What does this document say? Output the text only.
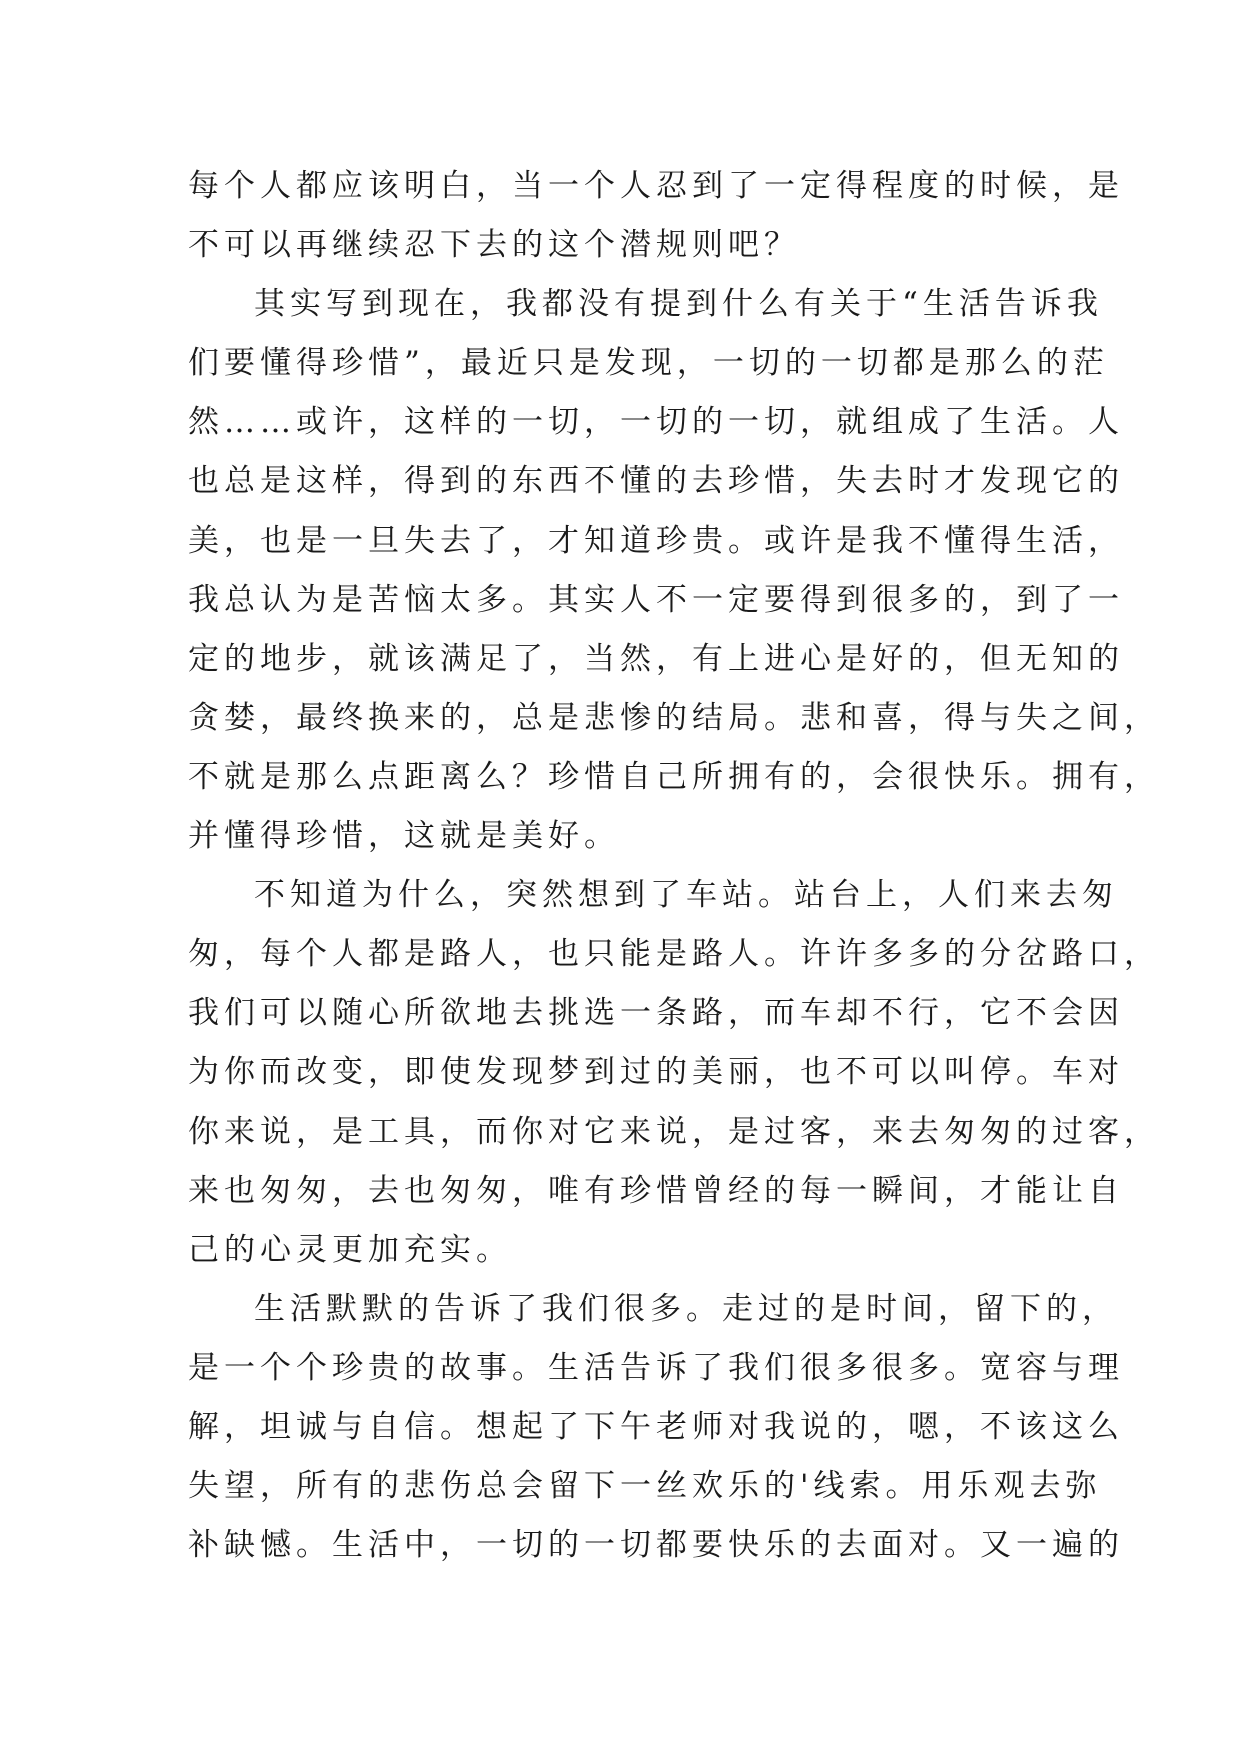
每个人都应该明白，当一个人忍到了一定得程度的时候，是
不可以再继续忍下去的这个潜规则吧？
其实写到现在，我都没有提到什么有关于“生活告诉我
们要懂得珍惜”，最近只是发现，一切的一切都是那么的茫
然……或许，这样的一切，一切的一切，就组成了生活。人
也总是这样，得到的东西不懂的去珍惜，失去时才发现它的
美，也是一旦失去了，才知道珍贵。或许是我不懂得生活，
我总认为是苦恼太多。其实人不一定要得到很多的，到了一
定的地步，就该满足了，当然，有上进心是好的，但无知的
贪婪，最终换来的，总是悲惨的结局。悲和喜，得与失之间，
不就是那么点距离么？珍惜自己所拥有的，会很快乐。拥有，
并懂得珍惜，这就是美好。
不知道为什么，突然想到了车站。站台上，人们来去匆
匆，每个人都是路人，也只能是路人。许许多多的分岔路口，
我们可以随心所欲地去挑选一条路，而车却不行，它不会因
为你而改变，即使发现梦到过的美丽，也不可以叫停。车对
你来说，是工具，而你对它来说，是过客，来去匆匆的过客，
来也匆匆，去也匆匆，唯有珍惜曾经的每一瞬间，才能让自
己的心灵更加充实。
生活默默的告诉了我们很多。走过的是时间，留下的，
是一个个珍贵的故事。生活告诉了我们很多很多。宽容与理
解，坦诚与自信。想起了下午老师对我说的，嗯，不该这么
失望，所有的悲伤总会留下一丝欢乐的'线索。用乐观去弥
补缺憾。生活中，一切的一切都要快乐的去面对。又一遍的
